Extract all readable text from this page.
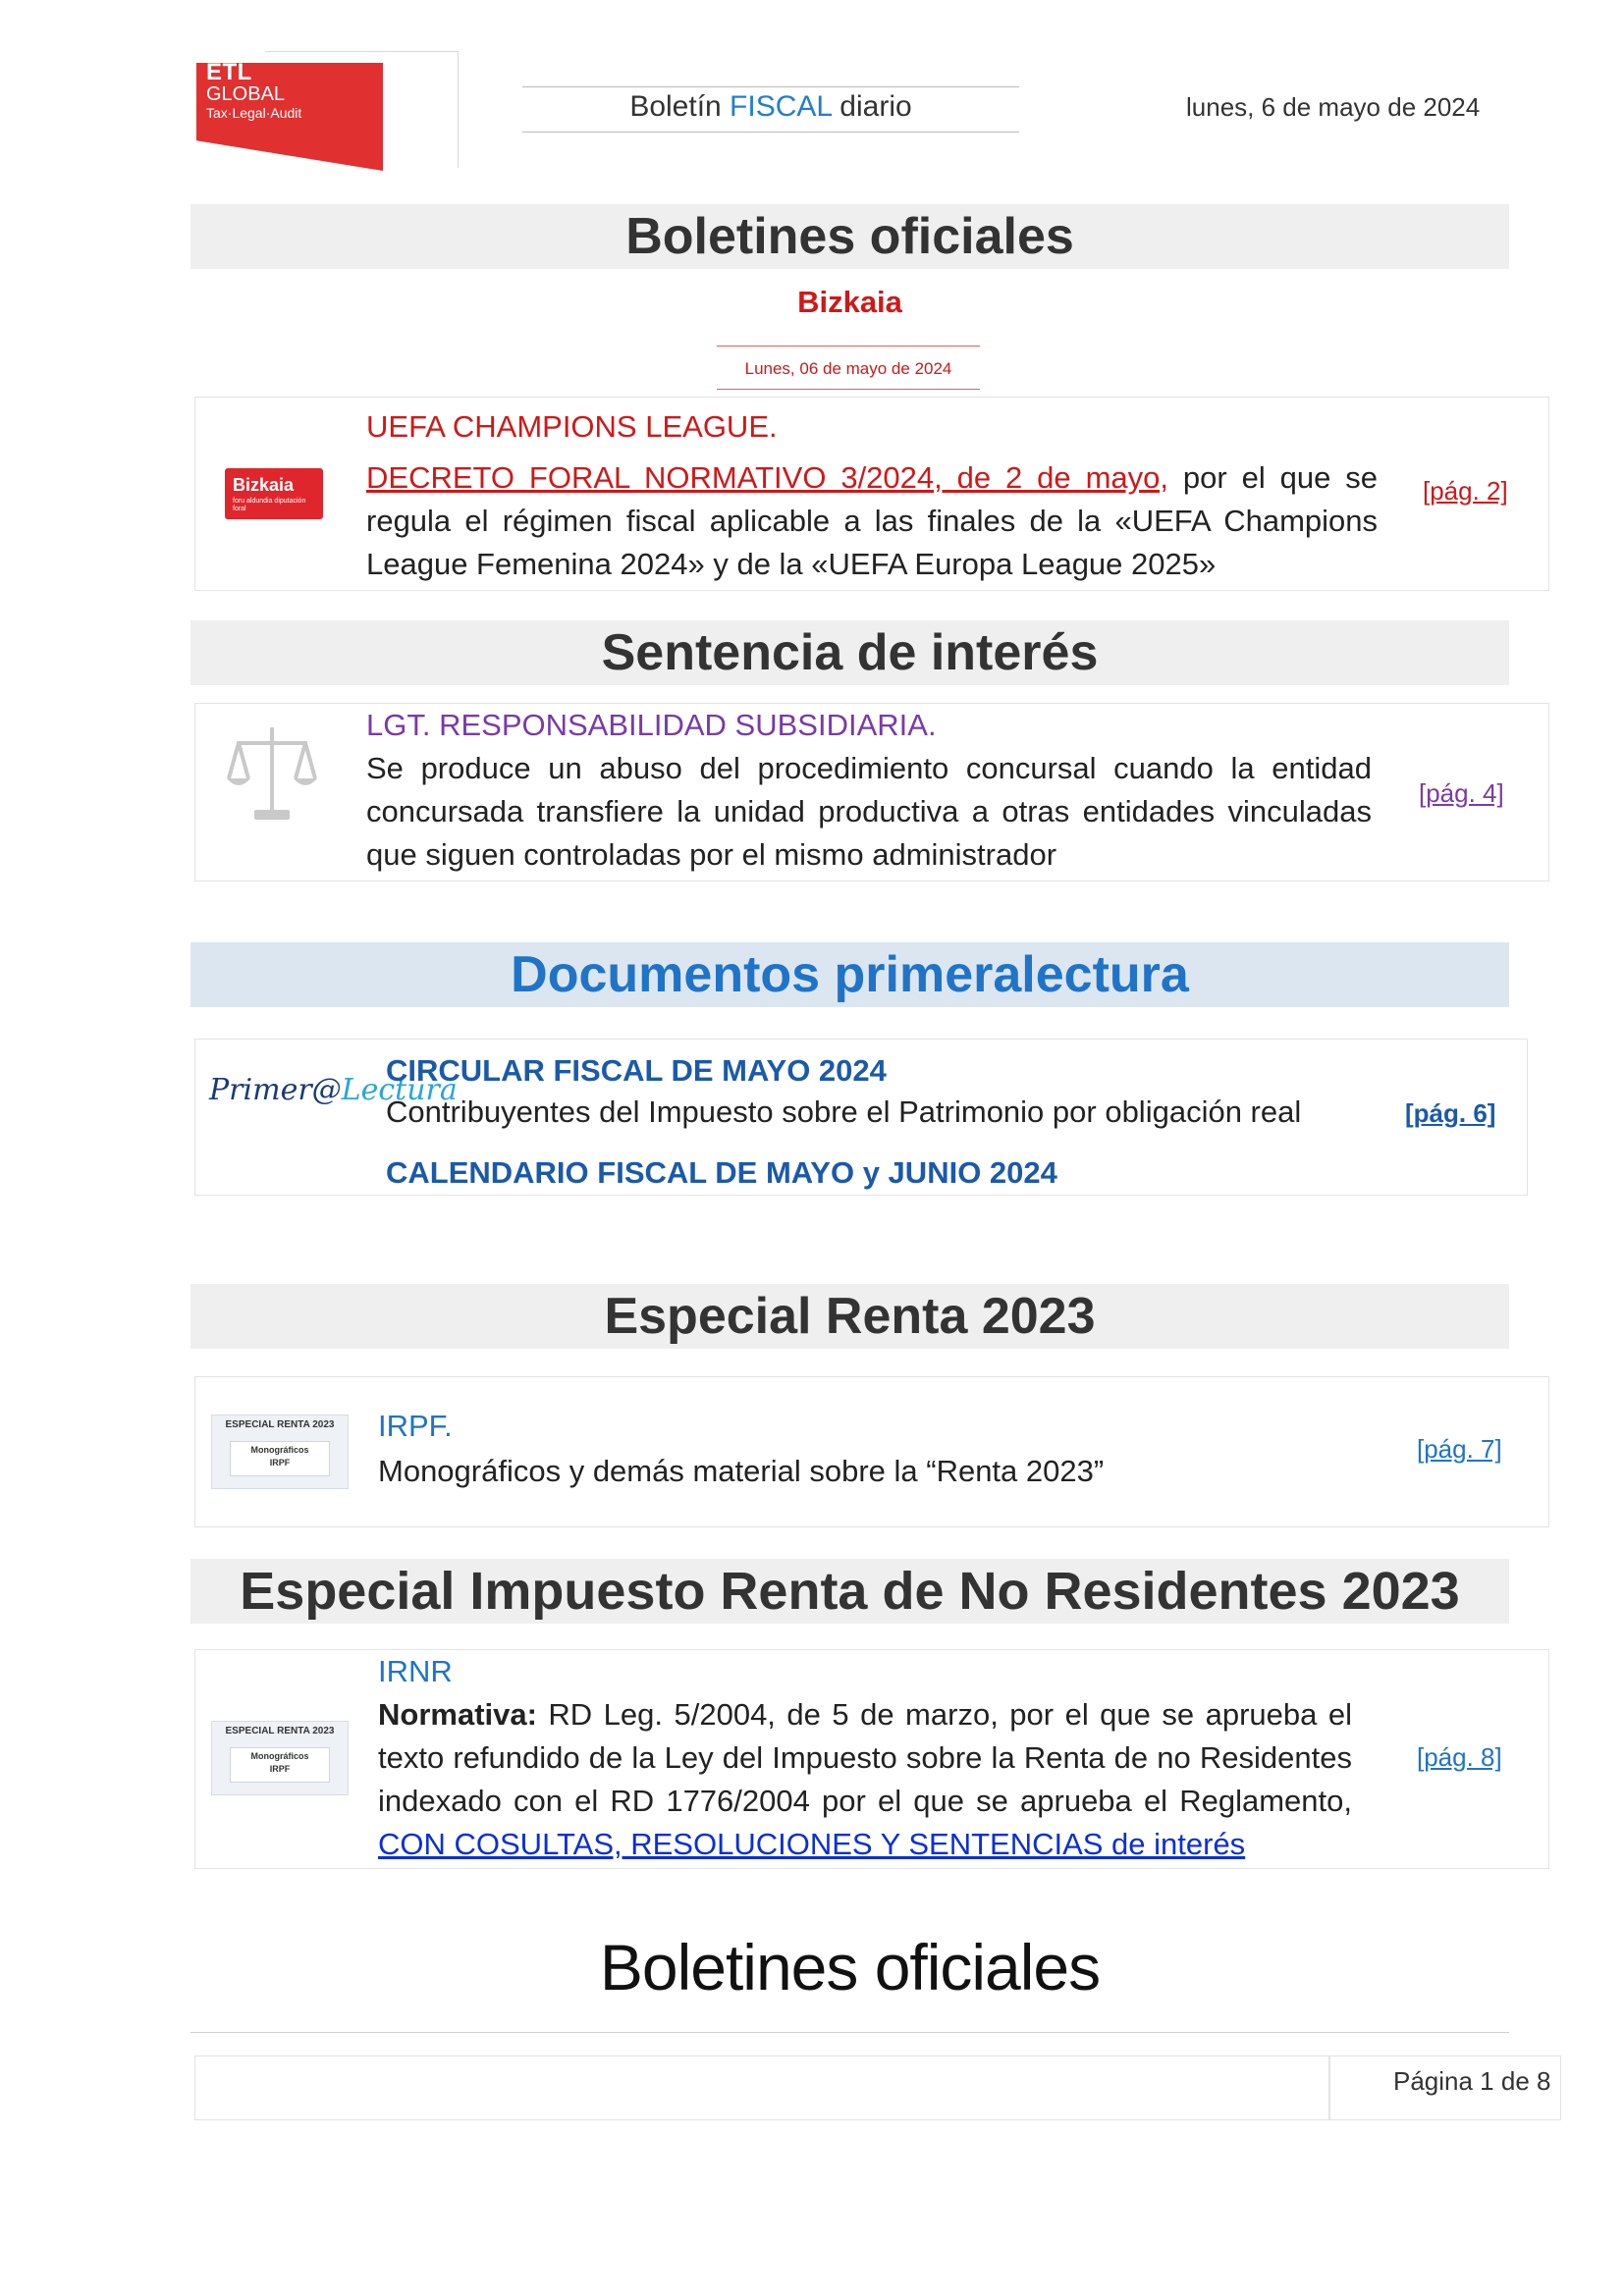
ETL
GLOBAL
Tax·Legal·Audit	Boletín FISCAL diario	lunes, 6 de mayo de 2024
Boletines oficiales
Bizkaia
Lunes, 06 de mayo de 2024
Bizkaia
foru aldundia diputación foral
UEFA CHAMPIONS LEAGUE.
DECRETO FORAL NORMATIVO 3/2024, de 2 de mayo, por el que se regula el régimen fiscal aplicable a las finales de la «UEFA Champions League Femenina 2024» y de la «UEFA Europa League 2025»
[pág. 2]
Sentencia de interés
LGT. RESPONSABILIDAD SUBSIDIARIA.
Se produce un abuso del procedimiento concursal cuando la entidad concursada transfiere la unidad productiva a otras entidades vinculadas que siguen controladas por el mismo administrador
[pág. 4]
Documentos primeralectura
Primer@Lectura
CIRCULAR FISCAL DE MAYO 2024
Contribuyentes del Impuesto sobre el Patrimonio por obligación real
CALENDARIO FISCAL DE MAYO y JUNIO 2024
[pág. 6]
Especial Renta 2023
ESPECIAL RENTA 2023
Monográficos
IRPF
IRPF.
Monográficos y demás material sobre la “Renta 2023”
[pág. 7]
Especial Impuesto Renta de No Residentes 2023
ESPECIAL RENTA 2023
Monográficos
IRPF
IRNR
Normativa: RD Leg. 5/2004, de 5 de marzo, por el que se aprueba el texto refundido de la Ley del Impuesto sobre la Renta de no Residentes indexado con el RD 1776/2004 por el que se aprueba el Reglamento, CON COSULTAS, RESOLUCIONES Y SENTENCIAS de interés
[pág. 8]
Boletines oficiales
Página 1 de 8
